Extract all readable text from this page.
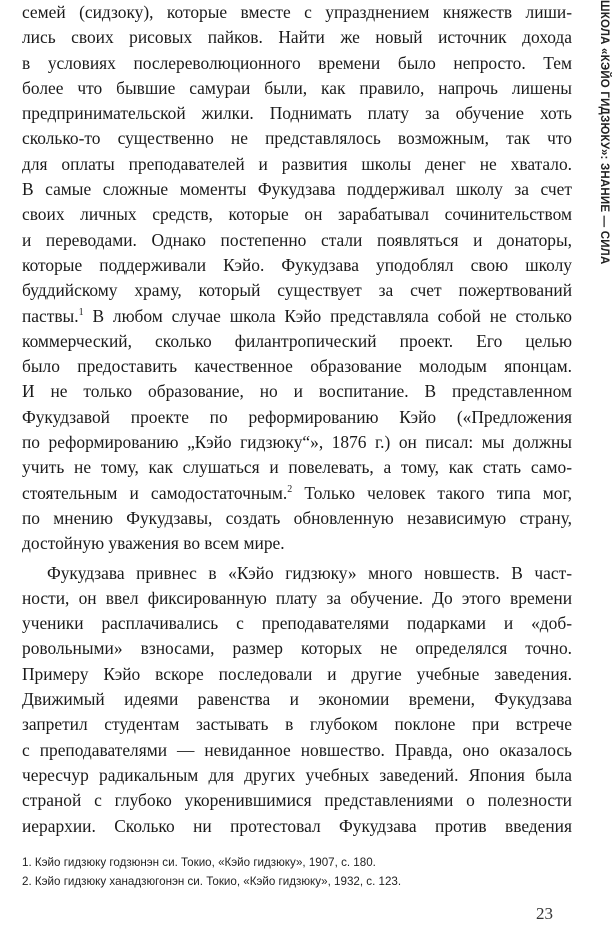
семей (сидзоку), которые вместе с упразднением княжеств лиши-
лись своих рисовых пайков. Найти же новый источник дохода
в условиях послереволюционного времени было непросто. Тем
более что бывшие самураи были, как правило, напрочь лишены
предпринимательской жилки. Поднимать плату за обучение хоть
сколько-то существенно не представлялось возможным, так что
для оплаты преподавателей и развития школы денег не хватало.
В самые сложные моменты Фукудзава поддерживал школу за счет
своих личных средств, которые он зарабатывал сочинительством
и переводами. Однако постепенно стали появляться и донаторы,
которые поддерживали Кэйо. Фукудзава уподоблял свою школу
буддийскому храму, который существует за счет пожертвований
паствы.$^1$ В любом случае школа Кэйо представляла собой не столько
коммерческий, сколько филантропический проект. Его целью
было предоставить качественное образование молодым японцам.
И не только образование, но и воспитание. В представленном
Фукудзавой проекте по реформированию Кэйо («Предложения
по реформированию „Кэйо гидзюку“», 1876 г.) он писал: мы должны
учить не тому, как слушаться и повелевать, а тому, как стать само-
стоятельным и самодостаточным.$^2$ Только человек такого типа мог,
по мнению Фукудзавы, создать обновленную независимую страну,
достойную уважения во всем мире.

Фукудзава привнес в «Кэйо гидзюку» много новшеств. В част-
ности, он ввел фиксированную плату за обучение. До этого времени
ученики расплачивались с преподавателями подарками и «доб-
ровольными» взносами, размер которых не определялся точно.
Примеру Кэйо вскоре последовали и другие учебные заведения.
Движимый идеями равенства и экономии времени, Фукудзава
запретил студентам застывать в глубоком поклоне при встрече
с преподавателями — невиданное новшество. Правда, оно оказалось
чересчур радикальным для других учебных заведений. Япония была
страной с глубоко укоренившимися представлениями о полезности
иерархии. Сколько ни протестовал Фукудзава против введения

1. Кэйо гидзюку годзюнэн си. Токио, «Кэйо гидзюку», 1907, с. 180.
2. Кэйо гидзюку ханадзюгонэн си. Токио, «Кэйо гидзюку», 1932, с. 123.
23
ШКОЛА «КЭЙО ГИДЗЮКУ»: ЗНАНИЕ — СИЛА
